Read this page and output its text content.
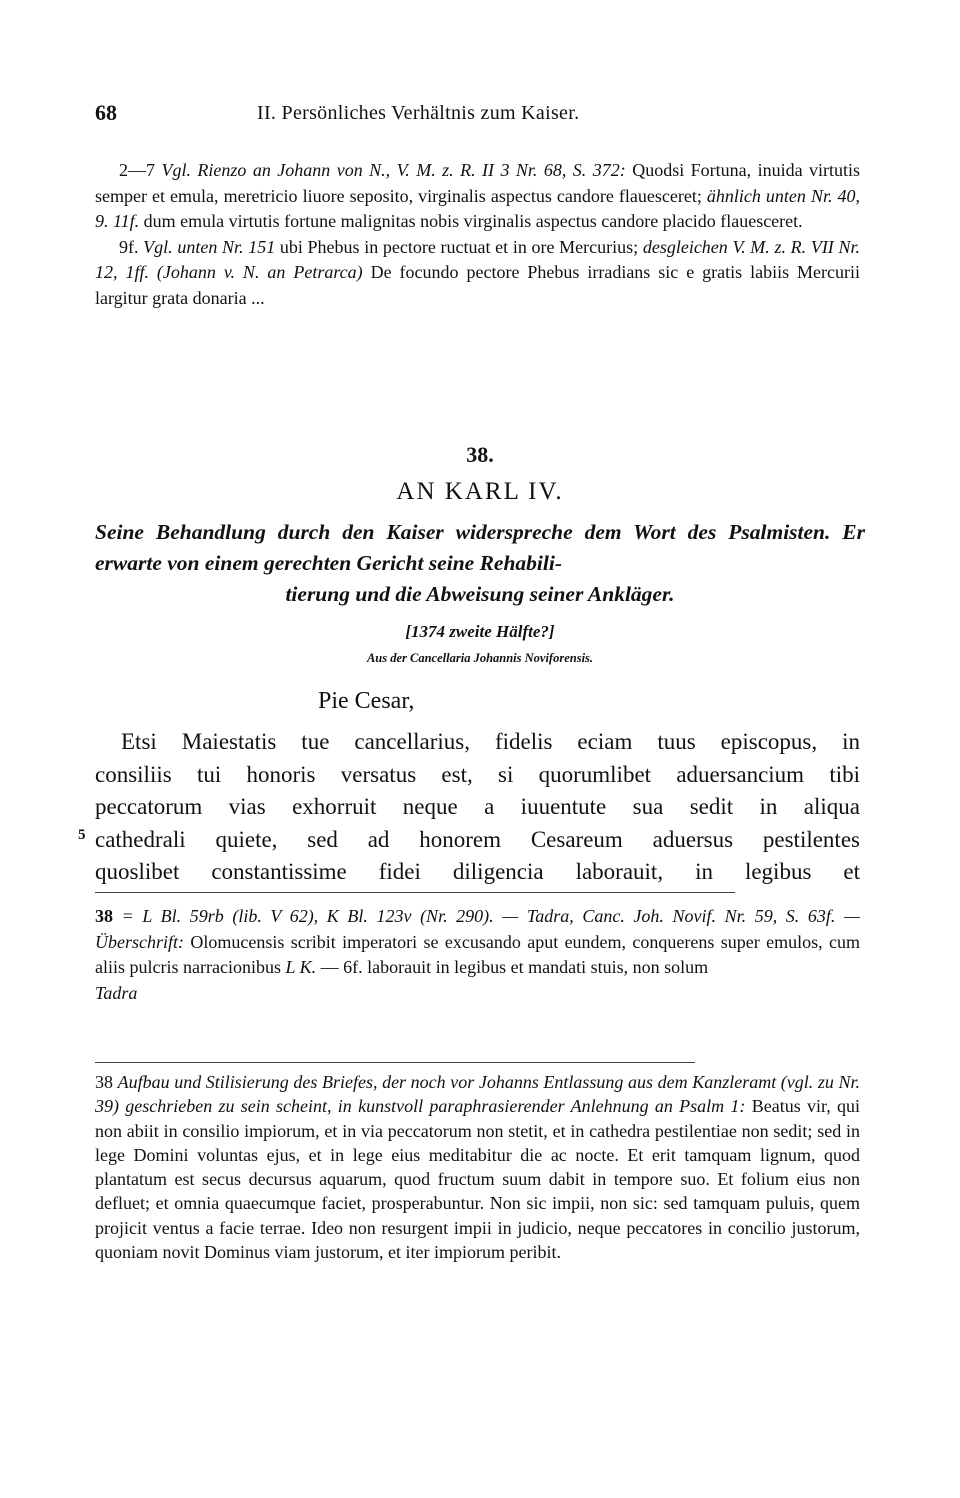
68	II. Persönliches Verhältnis zum Kaiser.

2—7 Vgl. Rienzo an Johann von N., V. M. z. R. II 3 Nr. 68, S. 372: Quodsi Fortuna, inuida virtutis semper et emula, meretricio liuore seposito, virginalis aspectus candore flauesceret; ähnlich unten Nr. 40, 9. 11f. dum emula virtutis fortune malignitas nobis virginalis aspectus candore placido flauesceret.

9f. Vgl. unten Nr. 151 ubi Phebus in pectore ructuat et in ore Mercurius; desgleichen V. M. z. R. VII Nr. 12, 1ff. (Johann v. N. an Petrarca) De focundo pectore Phebus irradians sic e gratis labiis Mercurii largitur grata donaria ...

38.
AN KARL IV.
Seine Behandlung durch den Kaiser widerspreche dem Wort des Psalmisten. Er erwarte von einem gerechten Gericht seine Rehabili-
tierung und die Abweisung seiner Ankläger.
[1374 zweite Hälfte?]
Aus der Cancellaria Johannis Noviforensis.
Pie Cesar,
5
Etsi Maiestatis tue cancellarius, fidelis eciam tuus episcopus, in
consiliis tui honoris versatus est, si quorumlibet aduersancium tibi
peccatorum vias exhorruit neque a iuuentute sua sedit in aliqua
cathedrali quiete, sed ad honorem Cesareum aduersus pestilentes
quoslibet constantissime fidei diligencia laborauit, in legibus et

38 = L Bl. 59rb (lib. V 62), K Bl. 123v (Nr. 290). — Tadra, Canc. Joh. Novif. Nr. 59, S. 63f. — Überschrift: Olomucensis scribit imperatori se excusando aput eundem, conquerens super emulos, cum aliis pulcris narracionibus L K. — 6f. laborauit in legibus et mandati stuis, non solum
Tadra

38 Aufbau und Stilisierung des Briefes, der noch vor Johanns Entlassung aus dem Kanzleramt (vgl. zu Nr. 39) geschrieben zu sein scheint, in kunstvoll paraphrasierender Anlehnung an Psalm 1: Beatus vir, qui non abiit in consilio impiorum, et in via peccatorum non stetit, et in cathedra pestilentiae non sedit; sed in lege Domini voluntas ejus, et in lege eius meditabitur die ac nocte. Et erit tamquam lignum, quod plantatum est secus decursus aquarum, quod fructum suum dabit in tempore suo. Et folium eius non defluet; et omnia quaecumque faciet, prosperabuntur. Non sic impii, non sic: sed tamquam puluis, quem projicit ventus a facie terrae. Ideo non resurgent impii in judicio, neque peccatores in concilio justorum, quoniam novit Dominus viam justorum, et iter impiorum peribit.
